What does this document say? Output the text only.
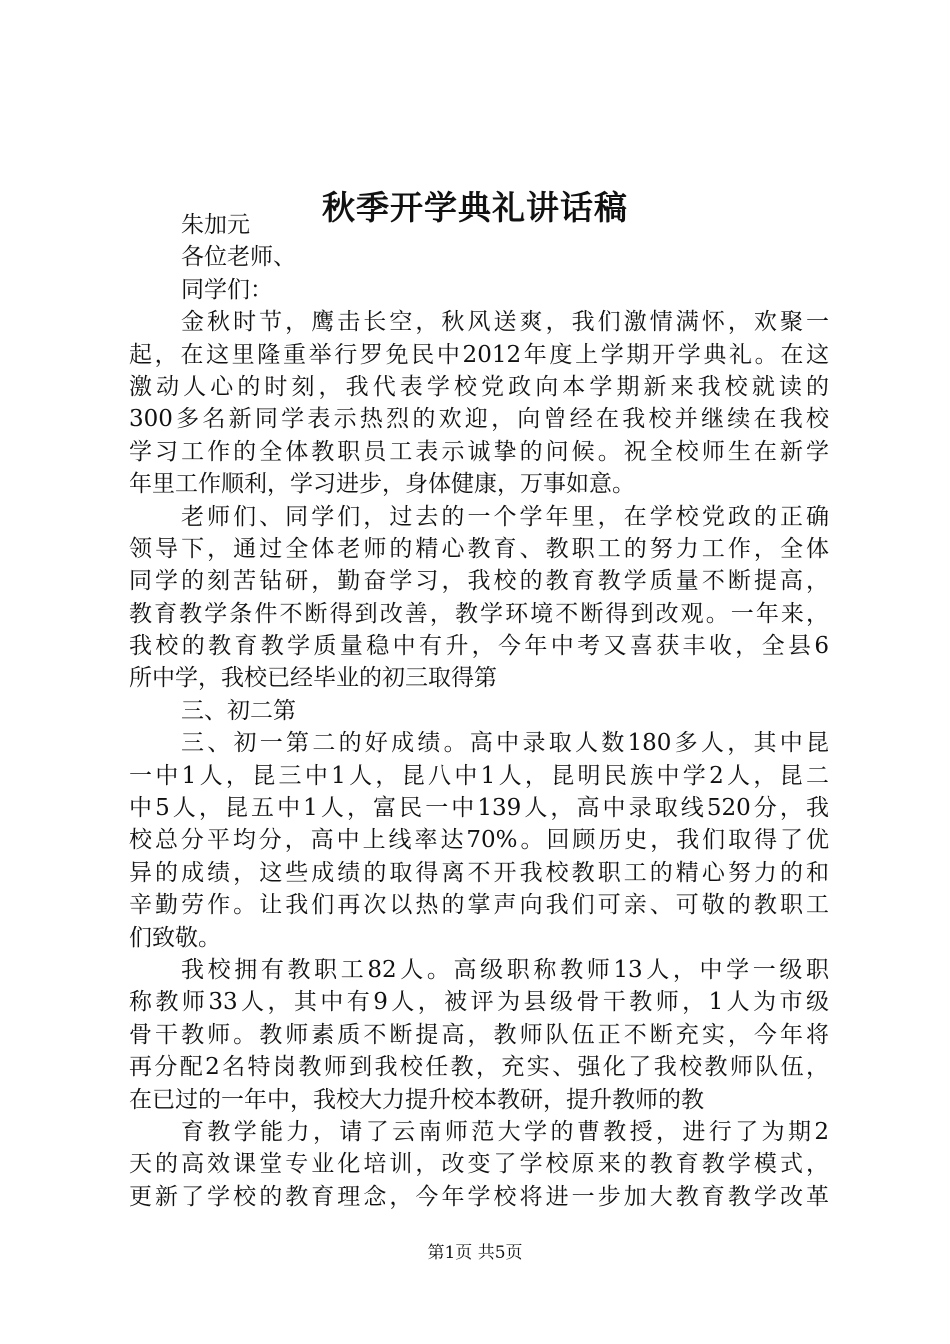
秋季开学典礼讲话稿

朱加元

各位老师、

同学们：

金秋时节，鹰击长空，秋风送爽，我们激情满怀，欢聚一

起，在这里隆重举行罗免民中2012年度上学期开学典礼。在这

激动人心的时刻，我代表学校党政向本学期新来我校就读的

300多名新同学表示热烈的欢迎，向曾经在我校并继续在我校

学习工作的全体教职员工表示诚挚的问候。祝全校师生在新学

年里工作顺利，学习进步，身体健康，万事如意。

老师们、同学们，过去的一个学年里，在学校党政的正确

领导下，通过全体老师的精心教育、教职工的努力工作，全体

同学的刻苦钻研，勤奋学习，我校的教育教学质量不断提高，

教育教学条件不断得到改善，教学环境不断得到改观。一年来，

我校的教育教学质量稳中有升，今年中考又喜获丰收，全县6

所中学，我校已经毕业的初三取得第

三、初二第

三、初一第二的好成绩。高中录取人数180多人，其中昆

一中1人，昆三中1人，昆八中1人，昆明民族中学2人，昆二

中5人，昆五中1人，富民一中139人，高中录取线520分，我

校总分平均分，高中上线率达70%。回顾历史，我们取得了优

异的成绩，这些成绩的取得离不开我校教职工的精心努力的和

辛勤劳作。让我们再次以热的掌声向我们可亲、可敬的教职工

们致敬。

我校拥有教职工82人。高级职称教师13人，中学一级职

称教师33人，其中有9人，被评为县级骨干教师，1人为市级

骨干教师。教师素质不断提高，教师队伍正不断充实，今年将

再分配2名特岗教师到我校任教，充实、强化了我校教师队伍，

在已过的一年中，我校大力提升校本教研，提升教师的教

育教学能力，请了云南师范大学的曹教授，进行了为期2

天的高效课堂专业化培训，改变了学校原来的教育教学模式，

更新了学校的教育理念，今年学校将进一步加大教育教学改革

第1页 共5页
